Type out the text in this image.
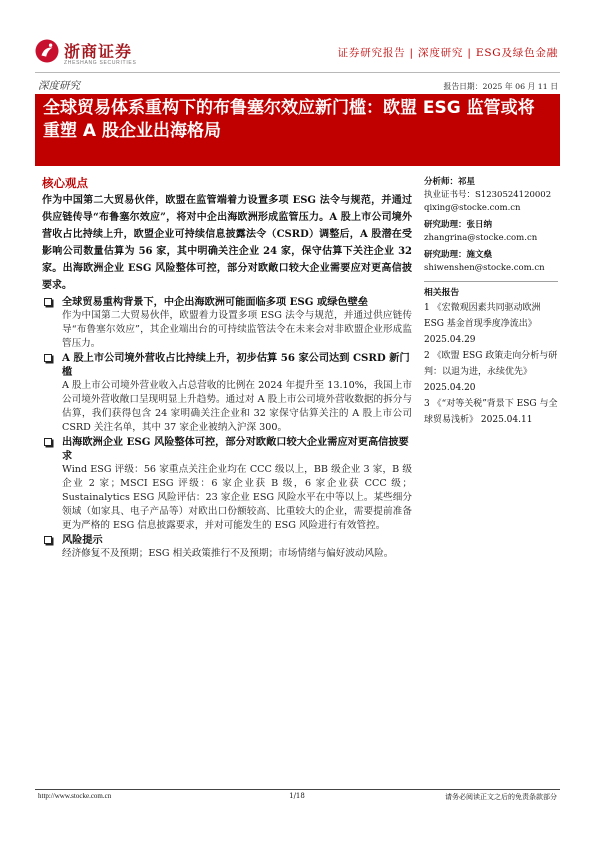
浙商证券
ZHESHANG SECURITIES
证券研究报告 | 深度研究 | ESG及绿色金融
深度研究	报告日期：2025 年 06 月 11 日
全球贸易体系重构下的布鲁塞尔效应新门槛：欧盟 ESG 监管或将
重塑 A 股企业出海格局
核心观点

作为中国第二大贸易伙伴，欧盟在监管端着力设置多项 ESG 法令与规范，并通过供应链传导“布鲁塞尔效应”，将对中企出海欧洲形成监管压力。A 股上市公司境外营收占比持续上升，欧盟企业可持续信息披露法令（CSRD）调整后，A 股潜在受影响公司数量估算为 56 家，其中明确关注企业 24 家，保守估算下关注企业 32 家。出海欧洲企业 ESG 风险整体可控，部分对欧敞口较大企业需要应对更高信披要求。

全球贸易重构背景下，中企出海欧洲可能面临多项 ESG 或绿色壁垒
作为中国第二大贸易伙伴，欧盟着力设置多项 ESG 法令与规范，并通过供应链传导“布鲁塞尔效应”，其企业端出台的可持续监管法令在未来会对非欧盟企业形成监管压力。
A 股上市公司境外营收占比持续上升，初步估算 56 家公司达到 CSRD 新门槛
A 股上市公司境外营业收入占总营收的比例在 2024 年提升至 13.10%，我国上市公司境外营收敞口呈现明显上升趋势。通过对 A 股上市公司境外营收数据的拆分与估算，我们获得包含 24 家明确关注企业和 32 家保守估算关注的 A 股上市公司 CSRD 关注名单，其中 37 家企业被纳入沪深 300。
出海欧洲企业 ESG 风险整体可控，部分对欧敞口较大企业需应对更高信披要求
Wind ESG 评级：56 家重点关注企业均在 CCC 级以上，BB 级企业 3 家，B 级企业 2 家；MSCI ESG 评级：6 家企业获 B 级，6 家企业获 CCC 级；Sustainalytics ESG 风险评估：23 家企业 ESG 风险水平在中等以上。某些细分领域（如家具、电子产品等）对欧出口份额较高、比重较大的企业，需要提前准备更为严格的 ESG 信息披露要求，并对可能发生的 ESG 风险进行有效管控。
风险提示
经济修复不及预期；ESG 相关政策推行不及预期；市场情绪与偏好波动风险。
分析师：祁星
执业证书号：S1230524120002
qixing@stocke.com.cn
研究助理：张日纳
zhangrina@stocke.com.cn
研究助理：施文燊
shiwenshen@stocke.com.cn
相关报告
1 《宏微观因素共同驱动欧洲 ESG 基金首现季度净流出》 2025.04.29
2 《欧盟 ESG 政策走向分析与研判：以退为进，永续优先》 2025.04.20
3 《“对等关税”背景下 ESG 与全球贸易浅析》 2025.04.11
http://www.stocke.com.cn	1/18	请务必阅读正文之后的免责条款部分
